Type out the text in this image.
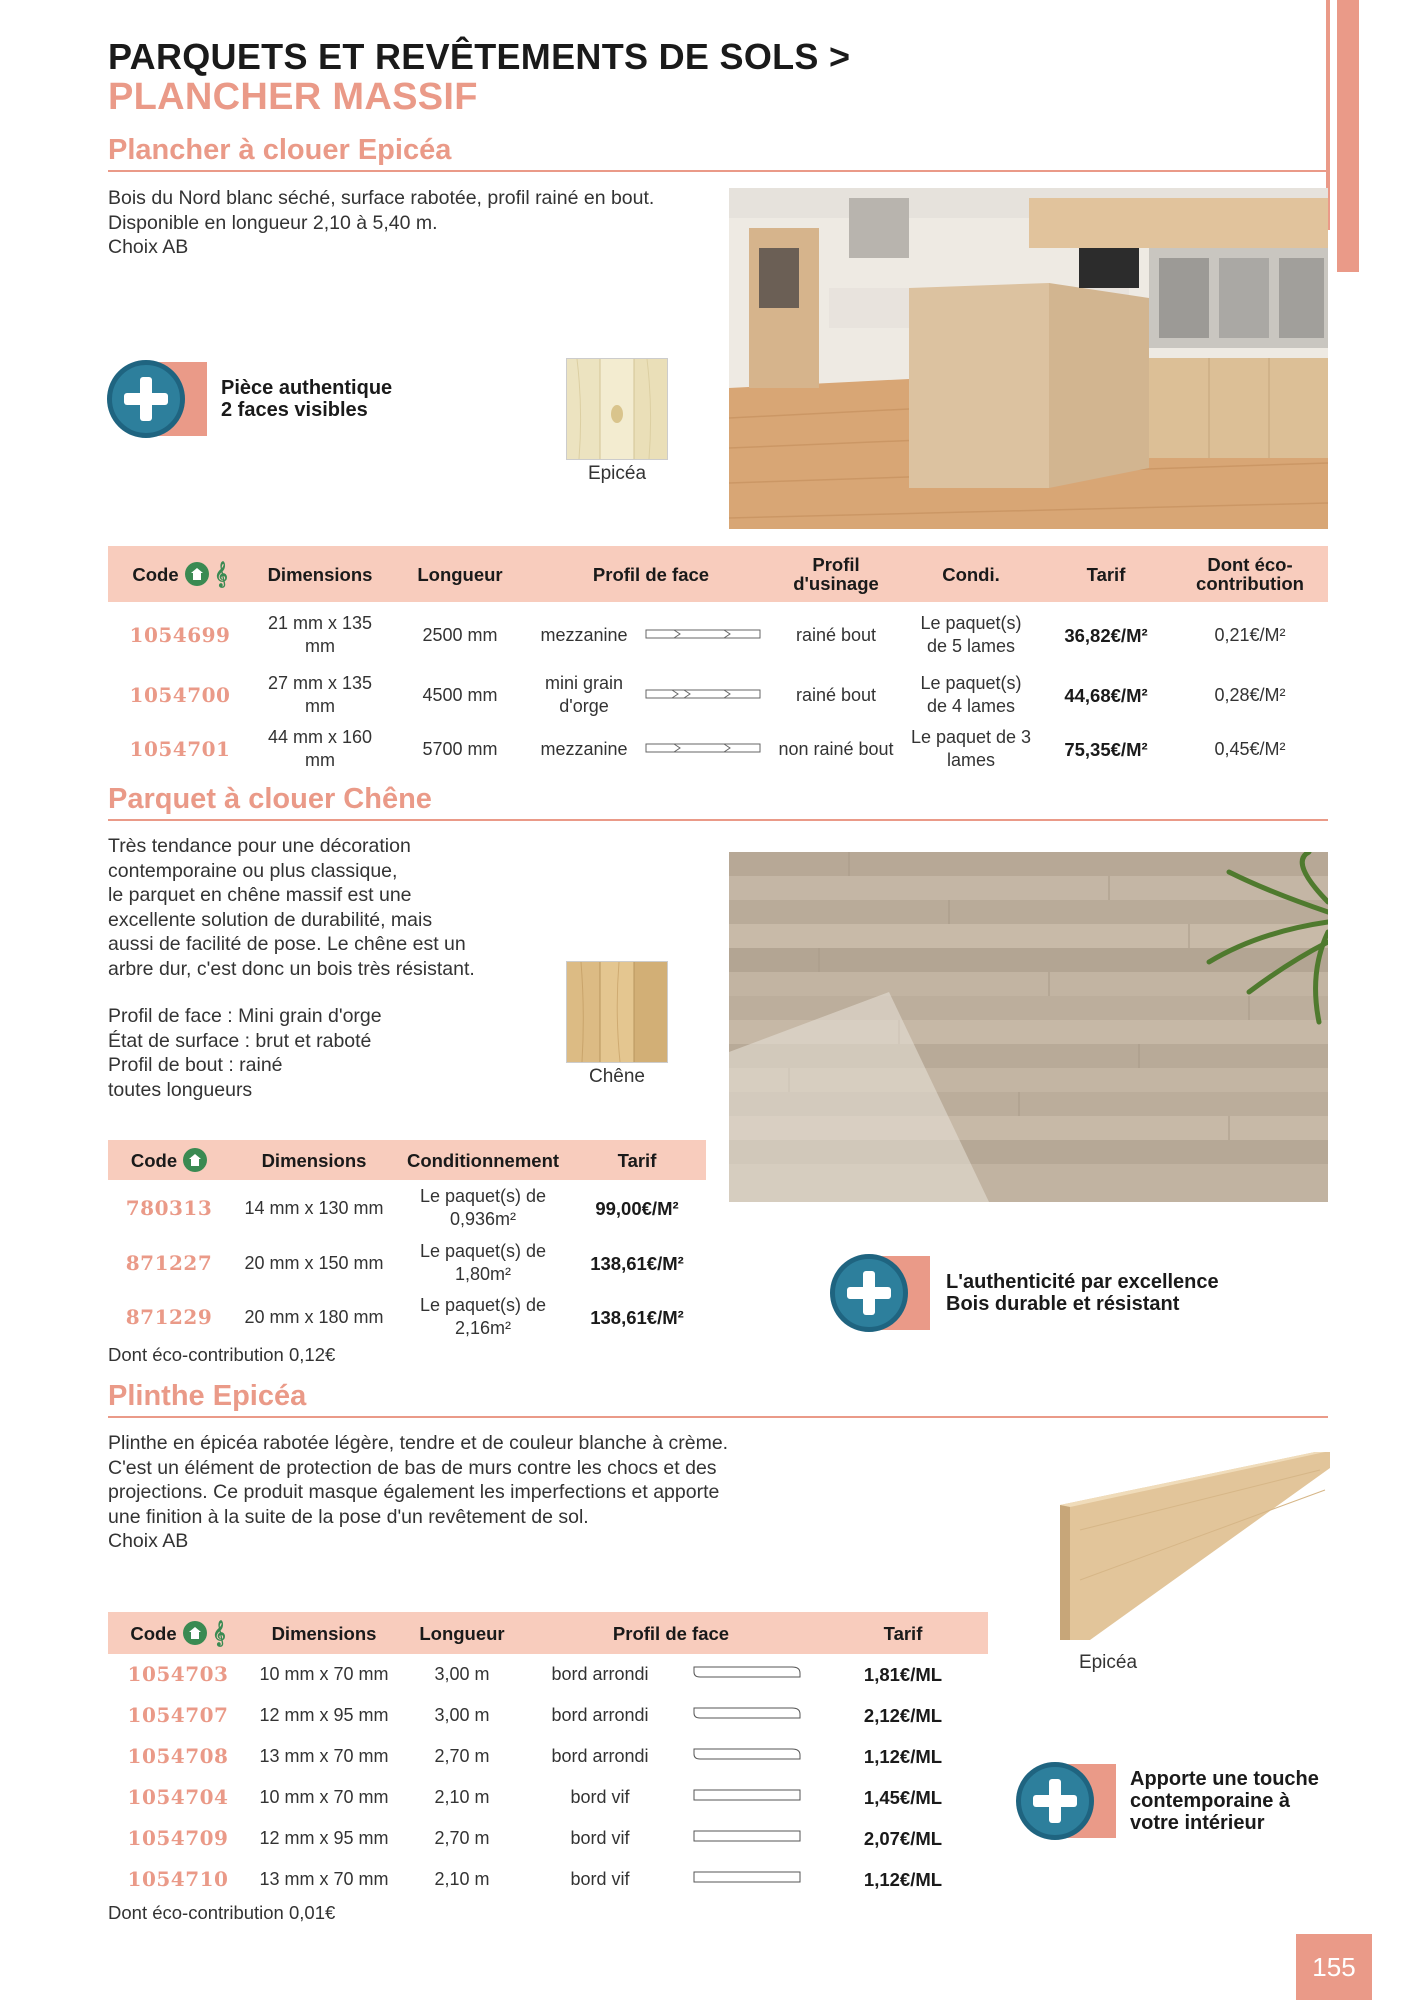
PARQUETS ET REVÊTEMENTS DE SOLS >
PLANCHER MASSIF
Plancher à clouer Epicéa
Bois du Nord blanc séché, surface rabotée, profil rainé en bout.
Disponible en longueur 2,10 à 5,40 m.
Choix AB
Pièce authentique
2 faces visibles
Epicéa
Code 𝄞	Dimensions	Longueur	Profil de face		Profil d'usinage	Condi.	Tarif	Dont éco-contribution
1054699	21 mm x 135 mm	2500 mm	mezzanine		rainé bout	Le paquet(s) de 5 lames	36,82€/M²	0,21€/M²
1054700	27 mm x 135 mm	4500 mm	mini grain d'orge		rainé bout	Le paquet(s) de 4 lames	44,68€/M²	0,28€/M²
1054701	44 mm x 160 mm	5700 mm	mezzanine		non rainé bout	Le paquet de 3 lames	75,35€/M²	0,45€/M²
Parquet à clouer Chêne
Très tendance pour une décoration
contemporaine ou plus classique,
le parquet en chêne massif est une
excellente solution de durabilité, mais
aussi de facilité de pose. Le chêne est un
arbre dur, c'est donc un bois très résistant.
Profil de face : Mini grain d'orge
État de surface : brut et raboté
Profil de bout : rainé
toutes longueurs
Chêne
Code	Dimensions	Conditionnement	Tarif
780313	14 mm x 130 mm	Le paquet(s) de 0,936m²	99,00€/M²
871227	20 mm x 150 mm	Le paquet(s) de 1,80m²	138,61€/M²
871229	20 mm x 180 mm	Le paquet(s) de 2,16m²	138,61€/M²
Dont éco-contribution 0,12€
L'authenticité par excellence
Bois durable et résistant
Plinthe Epicéa
Plinthe en épicéa rabotée légère, tendre et de couleur blanche à crème.
C'est un élément de protection de bas de murs contre les chocs et des
projections. Ce produit masque également les imperfections et apporte
une finition à la suite de la pose d'un revêtement de sol.
Choix AB
Epicéa
Code 𝄞	Dimensions	Longueur	Profil de face		Tarif
1054703	10 mm x 70 mm	3,00 m	bord arrondi		1,81€/ML
1054707	12 mm x 95 mm	3,00 m	bord arrondi		2,12€/ML
1054708	13 mm x 70 mm	2,70 m	bord arrondi		1,12€/ML
1054704	10 mm x 70 mm	2,10 m	bord vif		1,45€/ML
1054709	12 mm x 95 mm	2,70 m	bord vif		2,07€/ML
1054710	13 mm x 70 mm	2,10 m	bord vif		1,12€/ML
Dont éco-contribution 0,01€
Apporte une touche
contemporaine à
votre intérieur
155
